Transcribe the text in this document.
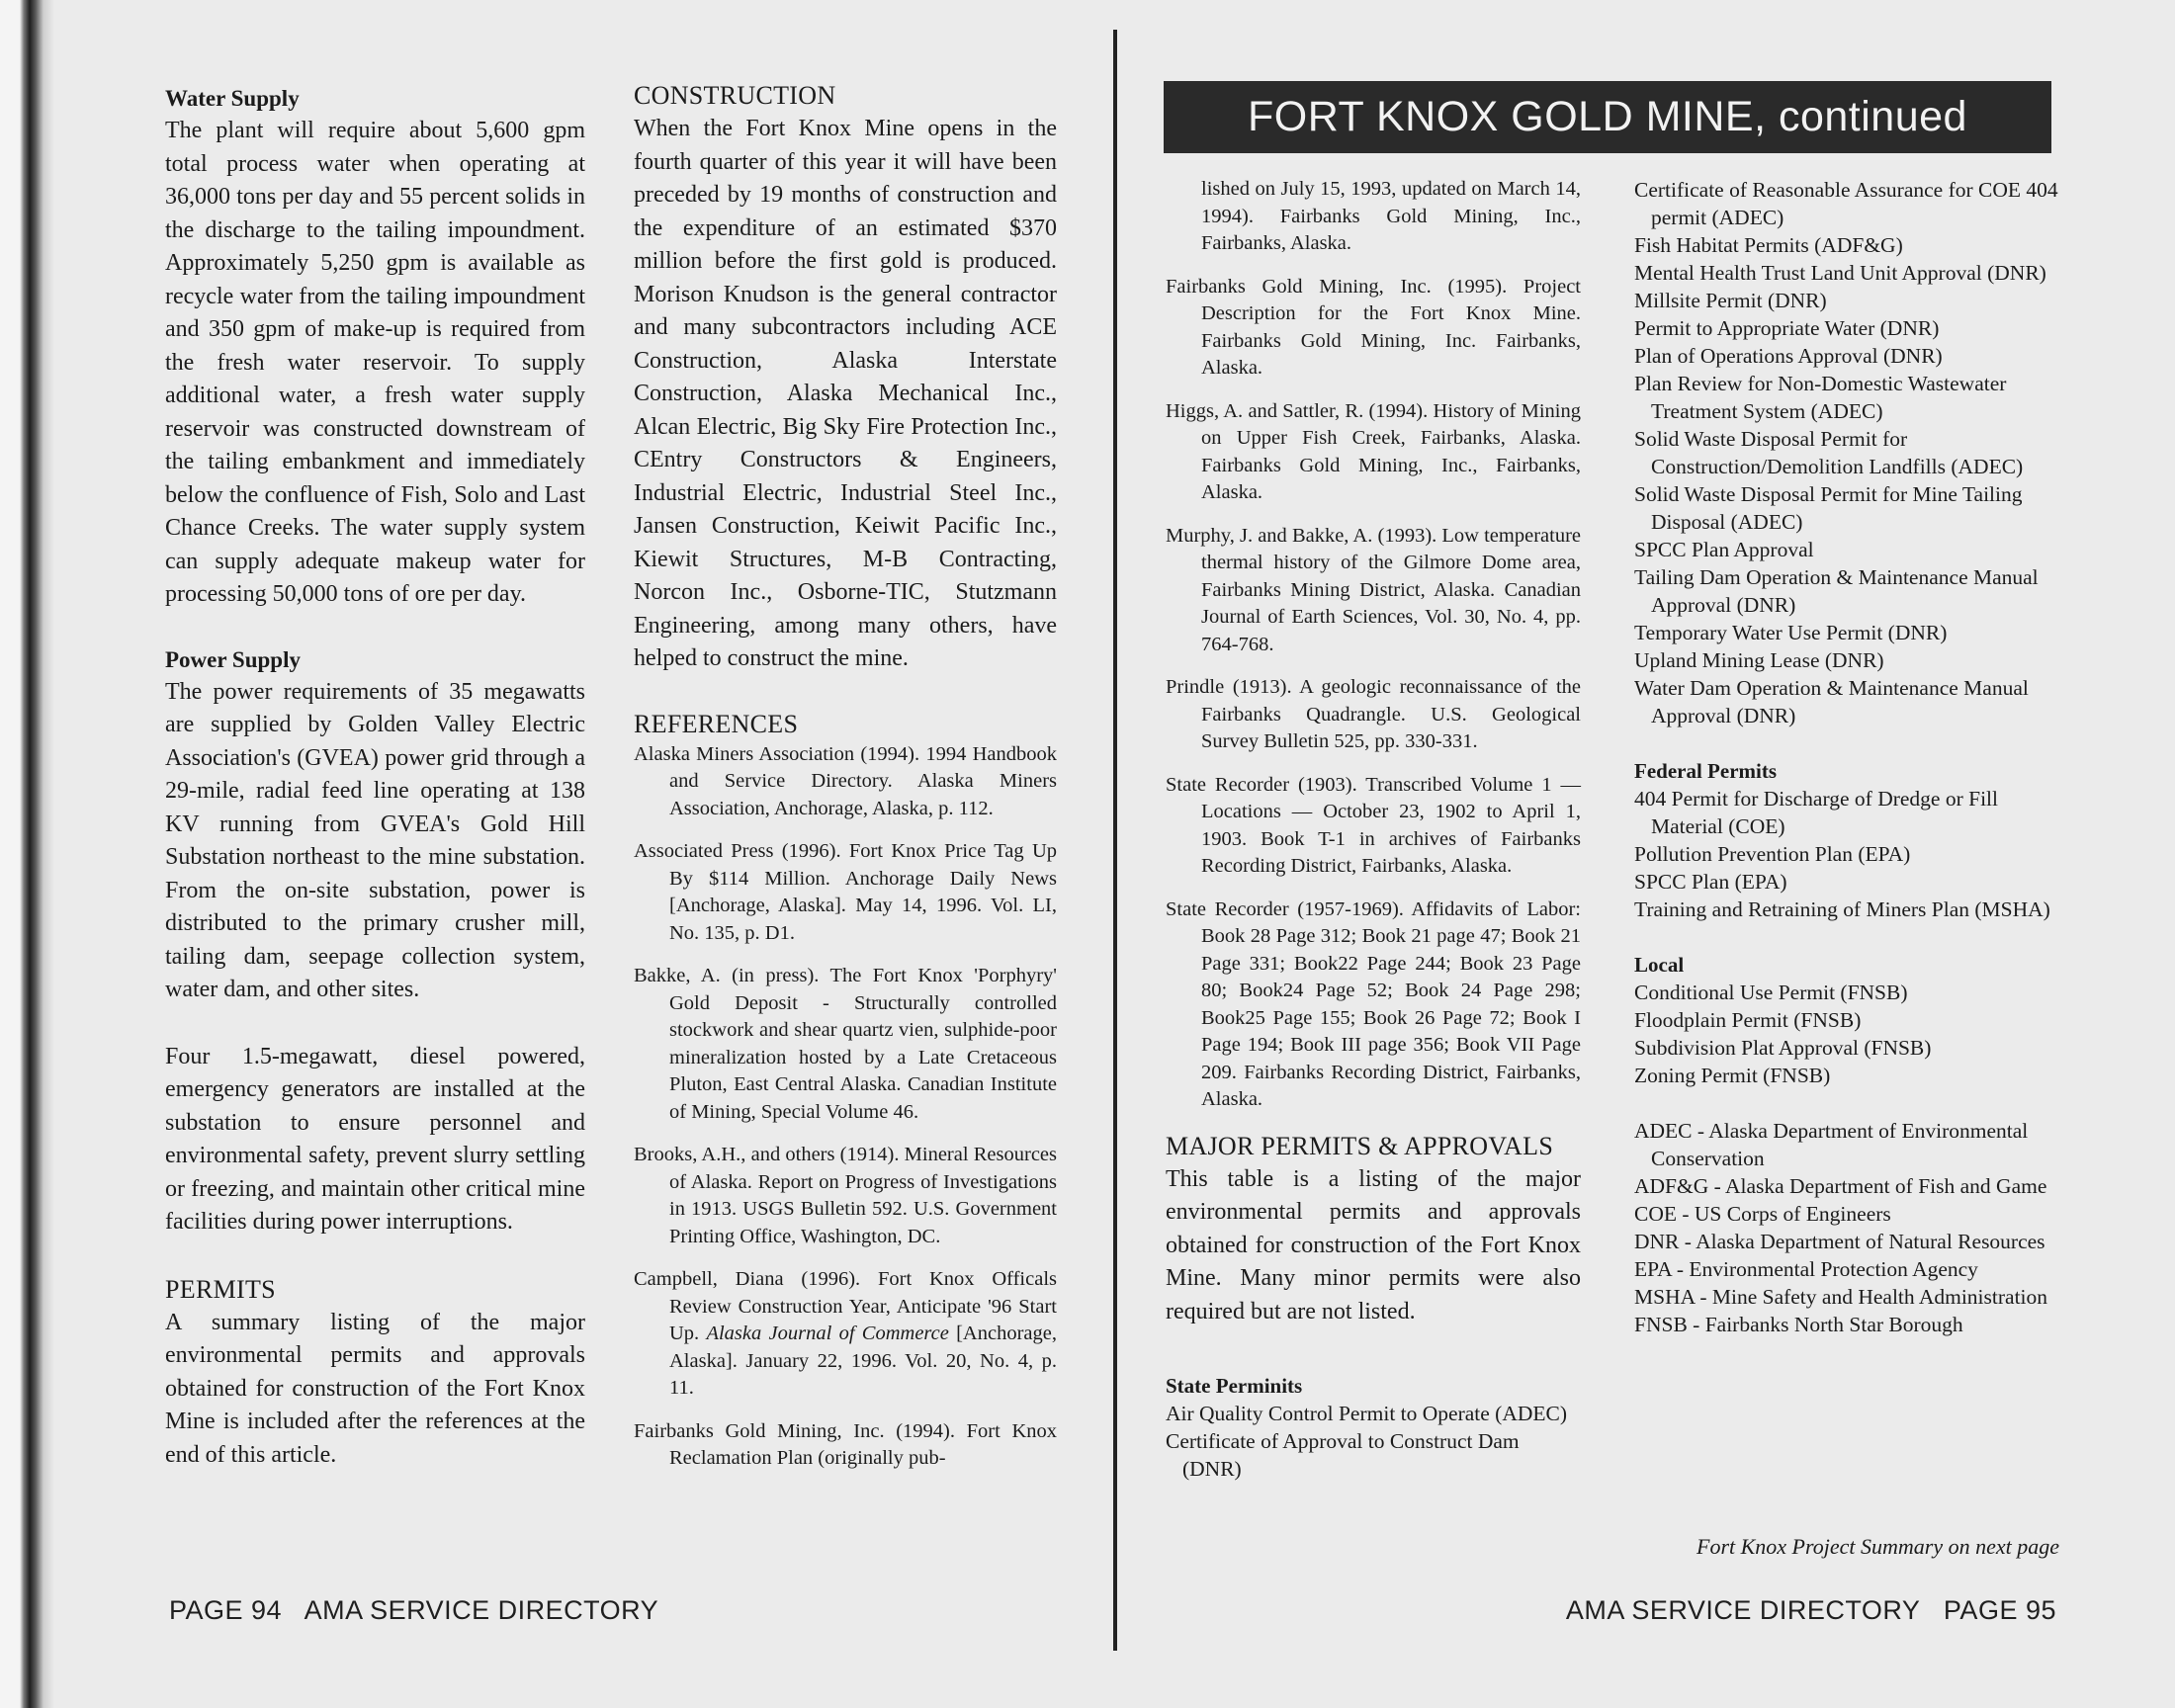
Water Supply

The plant will require about 5,600 gpm total process water when operating at 36,000 tons per day and 55 percent solids in the discharge to the tailing impoundment. Approximately 5,250 gpm is available as recycle water from the tailing impoundment and 350 gpm of make-up is required from the fresh water reservoir. To supply additional water, a fresh water supply reservoir was constructed downstream of the tailing embankment and immediately below the confluence of Fish, Solo and Last Chance Creeks. The water supply system can supply adequate makeup water for processing 50,000 tons of ore per day.

Power Supply

The power requirements of 35 megawatts are supplied by Golden Valley Electric Association's (GVEA) power grid through a 29-mile, radial feed line operating at 138 KV running from GVEA's Gold Hill Substation northeast to the mine substation. From the on-site substation, power is distributed to the primary crusher mill, tailing dam, seepage collection system, water dam, and other sites.

Four 1.5-megawatt, diesel powered, emergency generators are installed at the substation to ensure personnel and environmental safety, prevent slurry settling or freezing, and maintain other critical mine facilities during power interruptions.

PERMITS

A summary listing of the major environmental permits and approvals obtained for construction of the Fort Knox Mine is included after the references at the end of this article.

CONSTRUCTION

When the Fort Knox Mine opens in the fourth quarter of this year it will have been preceded by 19 months of construction and the expenditure of an estimated $370 million before the first gold is produced. Morison Knudson is the general contractor and many subcontractors including ACE Construction, Alaska Interstate Construction, Alaska Mechanical Inc., Alcan Electric, Big Sky Fire Protection Inc., CEntry Constructors & Engineers, Industrial Electric, Industrial Steel Inc., Jansen Construction, Keiwit Pacific Inc., Kiewit Structures, M-B Contracting, Norcon Inc., Osborne-TIC, Stutzmann Engineering, among many others, have helped to construct the mine.

REFERENCES

Alaska Miners Association (1994). 1994 Handbook and Service Directory. Alaska Miners Association, Anchorage, Alaska, p. 112.

Associated Press (1996). Fort Knox Price Tag Up By $114 Million. Anchorage Daily News [Anchorage, Alaska]. May 14, 1996. Vol. LI, No. 135, p. D1.

Bakke, A. (in press). The Fort Knox 'Porphyry' Gold Deposit - Structurally controlled stockwork and shear quartz vien, sulphide-poor mineralization hosted by a Late Cretaceous Pluton, East Central Alaska. Canadian Institute of Mining, Special Volume 46.

Brooks, A.H., and others (1914). Mineral Resources of Alaska. Report on Progress of Investigations in 1913. USGS Bulletin 592. U.S. Government Printing Office, Washington, DC.

Campbell, Diana (1996). Fort Knox Officals Review Construction Year, Anticipate '96 Start Up. Alaska Journal of Commerce [Anchorage, Alaska]. January 22, 1996. Vol. 20, No. 4, p. 11.

Fairbanks Gold Mining, Inc. (1994). Fort Knox Reclamation Plan (originally pub-

PAGE 94   AMA SERVICE DIRECTORY
FORT KNOX GOLD MINE, continued

lished on July 15, 1993, updated on March 14, 1994). Fairbanks Gold Mining, Inc., Fairbanks, Alaska.

Fairbanks Gold Mining, Inc. (1995). Project Description for the Fort Knox Mine. Fairbanks Gold Mining, Inc. Fairbanks, Alaska.

Higgs, A. and Sattler, R. (1994). History of Mining on Upper Fish Creek, Fairbanks, Alaska. Fairbanks Gold Mining, Inc., Fairbanks, Alaska.

Murphy, J. and Bakke, A. (1993). Low temperature thermal history of the Gilmore Dome area, Fairbanks Mining District, Alaska. Canadian Journal of Earth Sciences, Vol. 30, No. 4, pp. 764-768.

Prindle (1913). A geologic reconnaissance of the Fairbanks Quadrangle. U.S. Geological Survey Bulletin 525, pp. 330-331.

State Recorder (1903). Transcribed Volume 1 — Locations — October 23, 1902 to April 1, 1903. Book T-1 in archives of Fairbanks Recording District, Fairbanks, Alaska.

State Recorder (1957-1969). Affidavits of Labor: Book 28 Page 312; Book 21 page 47; Book 21 Page 331; Book22 Page 244; Book 23 Page 80; Book24 Page 52; Book 24 Page 298; Book25 Page 155; Book 26 Page 72; Book I Page 194; Book III page 356; Book VII Page 209. Fairbanks Recording District, Fairbanks, Alaska.

MAJOR PERMITS & APPROVALS

This table is a listing of the major environmental permits and approvals obtained for construction of the Fort Knox Mine. Many minor permits were also required but are not listed.

State Perminits

Air Quality Control Permit to Operate (ADEC)

Certificate of Approval to Construct Dam (DNR)

Certificate of Reasonable Assurance for COE 404 permit (ADEC)

Fish Habitat Permits (ADF&G)

Mental Health Trust Land Unit Approval (DNR)

Millsite Permit (DNR)

Permit to Appropriate Water (DNR)

Plan of Operations Approval (DNR)

Plan Review for Non-Domestic Wastewater Treatment System (ADEC)

Solid Waste Disposal Permit for Construction/Demolition Landfills (ADEC)

Solid Waste Disposal Permit for Mine Tailing Disposal (ADEC)

SPCC Plan Approval

Tailing Dam Operation & Maintenance Manual Approval (DNR)

Temporary Water Use Permit (DNR)

Upland Mining Lease (DNR)

Water Dam Operation & Maintenance Manual Approval (DNR)

Federal Permits

404 Permit for Discharge of Dredge or Fill Material (COE)

Pollution Prevention Plan (EPA)

SPCC Plan (EPA)

Training and Retraining of Miners Plan (MSHA)

Local

Conditional Use Permit (FNSB)

Floodplain Permit (FNSB)

Subdivision Plat Approval (FNSB)

Zoning Permit (FNSB)

ADEC - Alaska Department of Environmental Conservation

ADF&G - Alaska Department of Fish and Game

COE - US Corps of Engineers

DNR - Alaska Department of Natural Resources

EPA - Environmental Protection Agency

MSHA - Mine Safety and Health Administration

FNSB - Fairbanks North Star Borough

Fort Knox Project Summary on next page
AMA SERVICE DIRECTORY   PAGE 95
